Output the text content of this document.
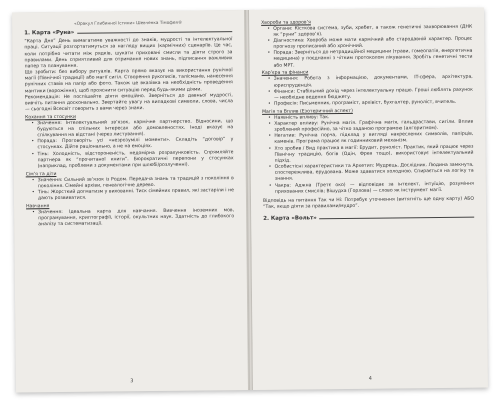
«Оракул Глибинної Істини» Шевченка Тімофея®
1. Карта «Руна»

“Карта Дня” День вимагатиме уважності до знаків, мудрості та інтелектуальної праці. Ситуації розгортатимуться за нагляду вищих (кармічних) сценаріїв. Це час, коли потрібно читати між рядків, шукати приховані смисли та діяти строго за правилами. День сприятливий для отримання нових знань, підписання важливих папер та планування.

Що зробити: без вибору ритуалів. Карта прямо вказує на використання рунічної магії (Північної традиції) або магії сигіл. Створення рукописів, талісманів, нанесення рунічних ставів на папір або фото. Також це вказівка на необхідність проведення мантики (ворожіння), щоб прояснити ситуацію перед будь-якими діями.

Рекомендація: Не поспішайте діяти емоційно. Зверніться до давньої мудрості, вивчіть питання досконально. Звертайте увагу на випадкові символи, слова, числа — сьогодні Всесвіт говорить з вами через знаки.

Кохання та стосунки
• Значення: Інтелектуальний зв’язок, кармічне партнерство. Відносини, що будуються на спільних інтересах або домовленостях. Іноді вказує на спілкування на відстані (через листування).
• Порада: Проговоріть усі «незрозумілі моменти». Складіть “договір” у стосунках. Дійте раціонально, а не на емоціях.
• Тінь: Холодність, відстороненість, недомірна розрахунковість. Спрямляйте партнера як “прочитаної книги”. Бюрократичні перепони у стосунках (наприклад, проблеми з документами при шлюбі/розлученні).
Сім’я та діти
• Значення: Сильний зв’язок із Родом. Передача знань та традицій з покоління в покоління. Сімейні архіви, генеалогічне дерево.
• Тінь: Жорсткий догматизм у вихованні. Тиск сімейних правил, які застаріли і не дають розвиватися.
Навчання
• Значення: Ідеальна карта для навчання. Вивчення іноземних мов, програмування, криптографії, історії, окультних наук. Здатність до глибокого аналізу та систематизації.
3
Хвороби та здоров’я
• Органи: Кісткова система, зуби, хребет, а також генетичні захворювання (ДНК як “руни” здоров’я).
• Діагностика: Хвороба може мати кармічний або стародавній характер. Процес прогнозу прописаний або хронічний.
• Порада: Зверніться до нетрадиційної медицини (трави, гомеопатія, енергетична медицина) у поєднанні з чітким протоколом лікування. Зробіть генетичні тести або МРТ.
Кар’єра та фінанси
• Значення: Робота з інформацією, документами, IT-сфера, архітектура, юриспруденція.
• Фінанси: Стабільний дохід через інтелектуальну працю. Гроші люблять рахунок — необхідне ведення бюджету.
• Професія: Письменник, програміст, архівіст, бухгалтер, руноліст, вчитель.
Магія та Вплив (Езотеричний аспект)
• Наявність впливу: Так.
• Характер впливу: Рунічна магія. Графічна магія, гальдрастави, сигіли. Вплив зроблений професійно, за чітко заданою програмою (алгоритмом).
• Негатив: Рунічна порча, підклад у вигляді накреслених символів, папірців, каменів. Програма працює як годинниковий механізм.
• Хто зробив / Вид практика в магії: Ерудит, руноліст. Практик, який працює через Північну традицію, богів (Одін, Фрея тощо), використовує інтелектуальний підхід.
• Особистісні характеристики та Архетип: Мудрець, Дослідник. Людина замкнута, спостережлива, ерудована. Може здаватися холодною. Спирається на логіку та знання.
• Чакра: Аджна (Третє око) — відповідає за інтелект, інтуїцію, розуміння прихованих смислів; Вішудха (Горлова) — слово як інструмент магії.

Відповідь на питання Так чи Ні: Потребує уточнення (витягніть ще одну карту) АБО “Так, якщо діяти за правилами/мудро”.

2. Карта «Вольт»
4
